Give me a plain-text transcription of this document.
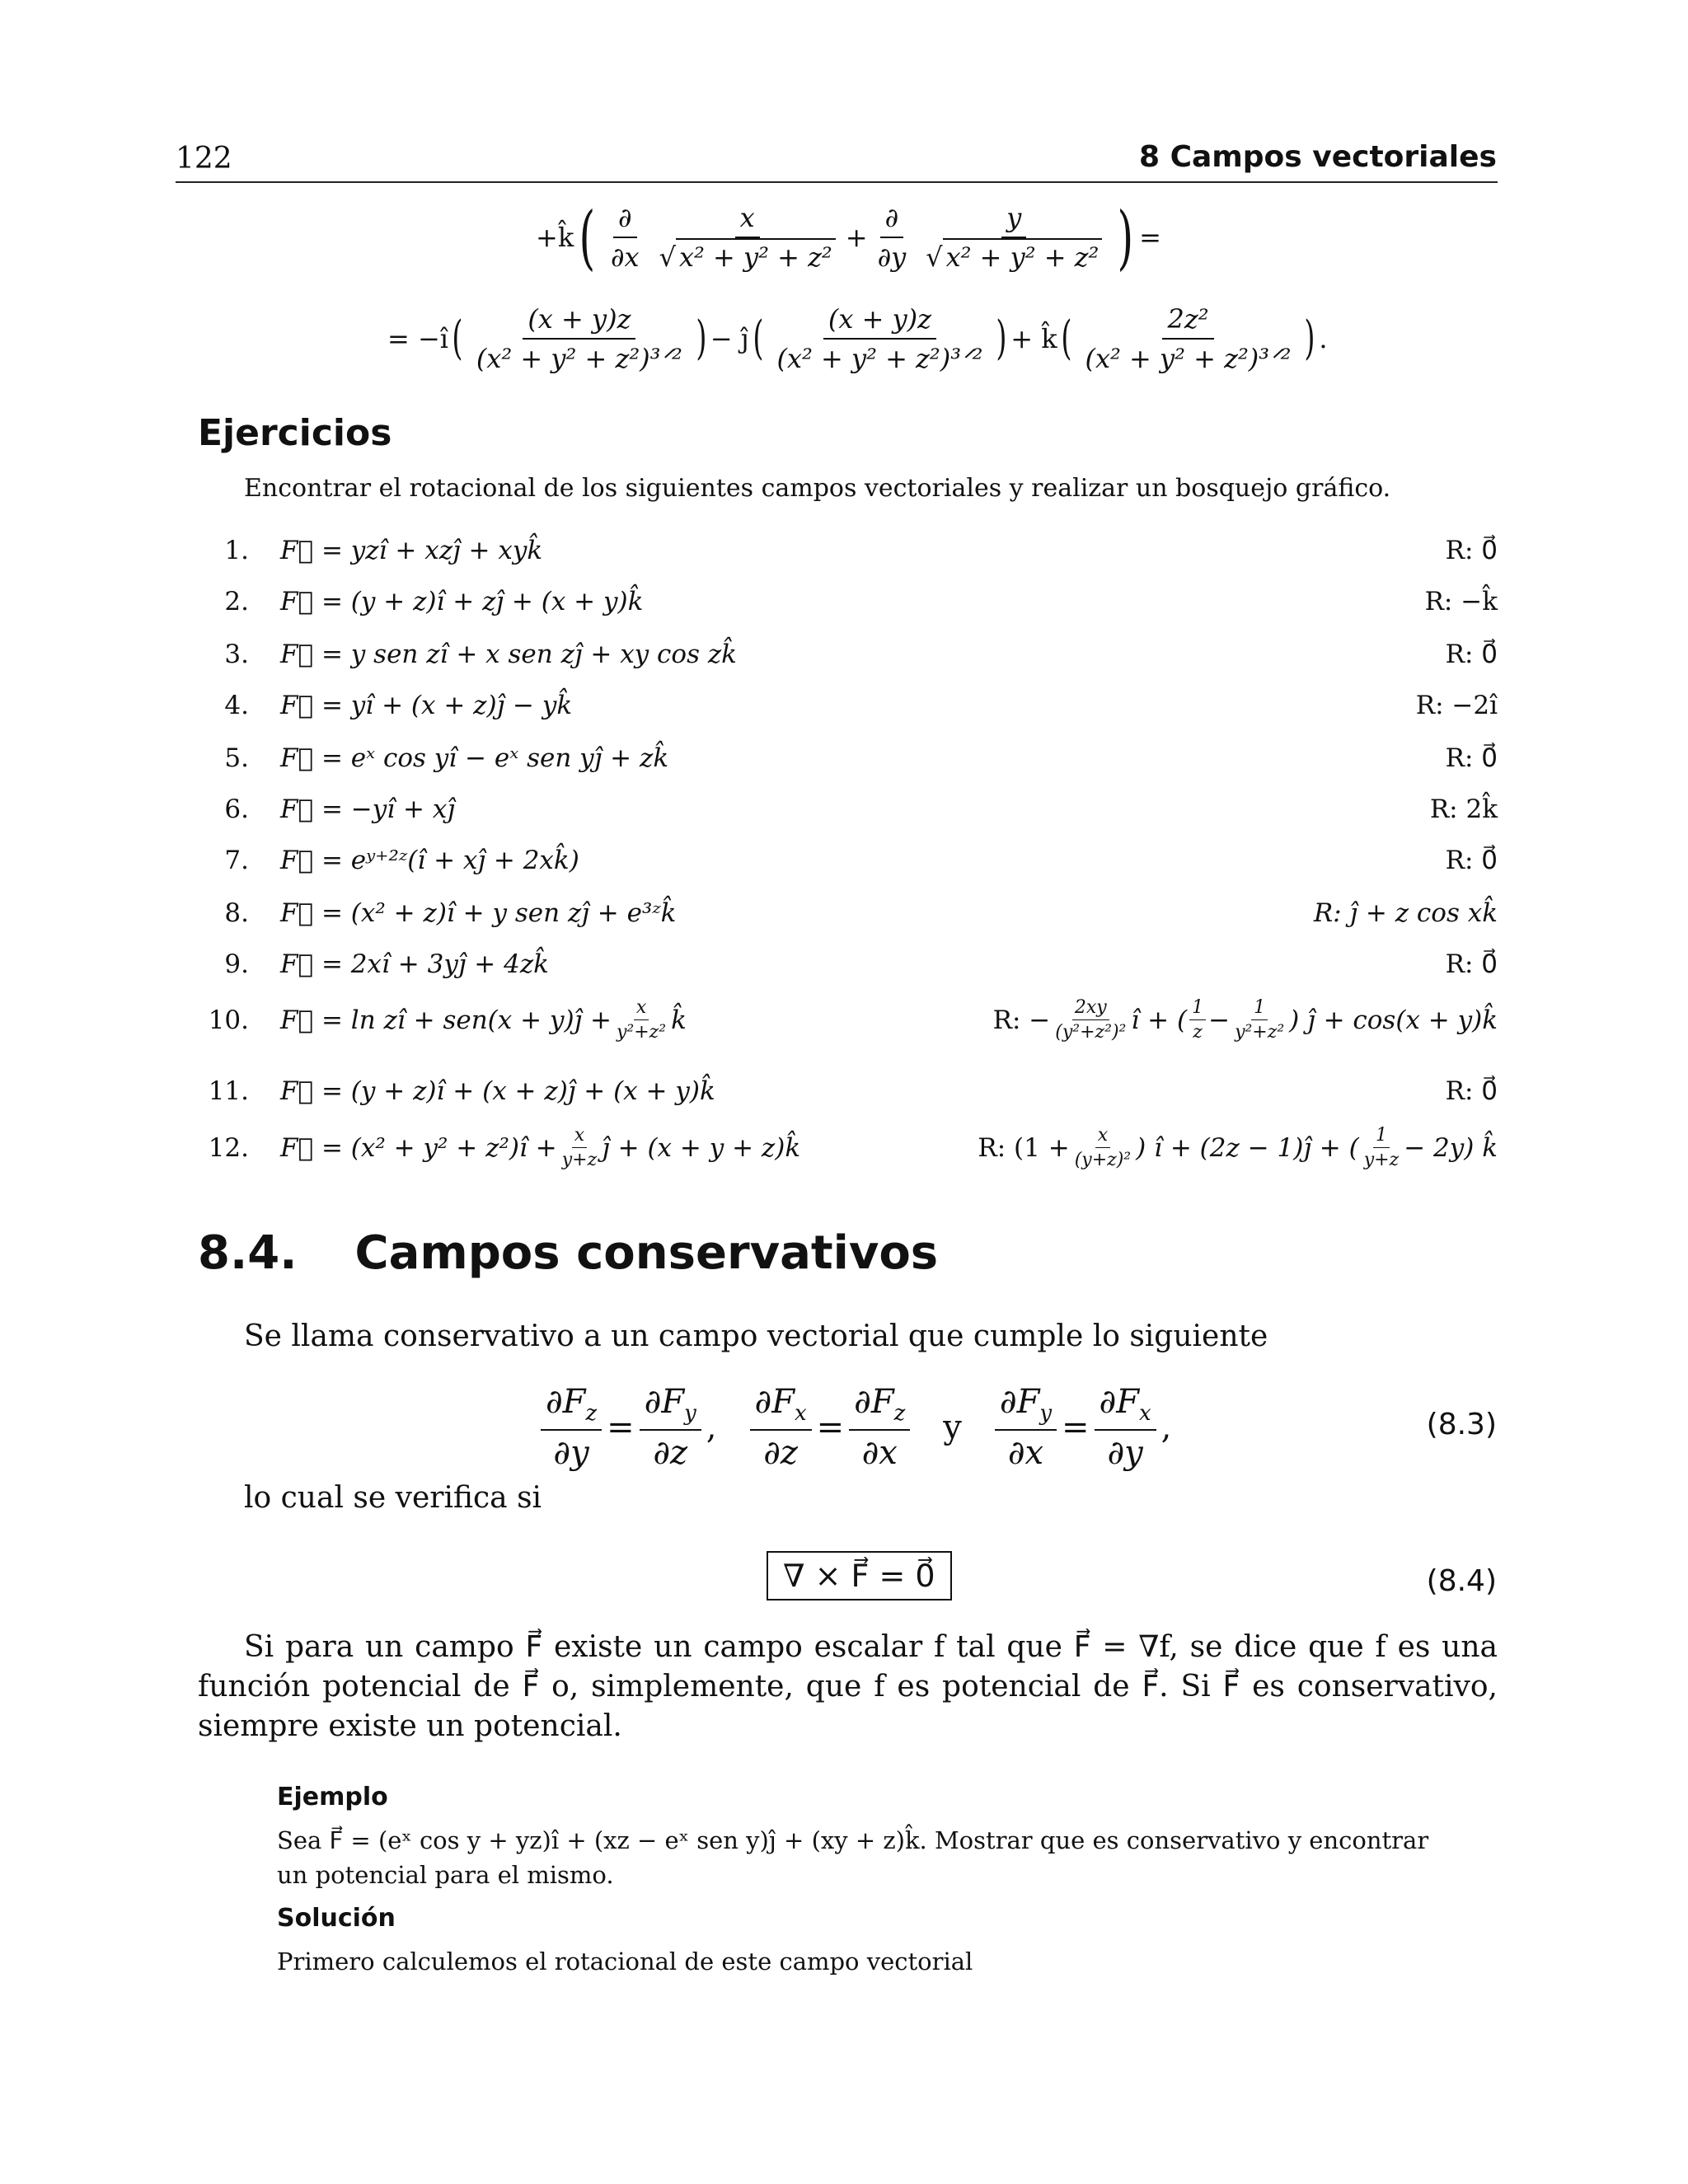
122	8 Campos vectoriales
+k̂ ( $\frac{\partial}{\partial x} \frac{x}{\text{√ x² + y² + z²}} + \frac{\partial}{\partial y} \frac{y}{\text{√ x² + y² + z²}}$ ) =
= −î ( $\frac{(x + y)z}{\text{(x² + y² + z²)³ᐟ²}}$ ) − ĵ ( $\frac{(x + y)z}{\text{(x² + y² + z²)³ᐟ²}}$ ) + k̂ ( $\frac{\text{2z²}}{\text{(x² + y² + z²)³ᐟ²}}$ ) .
Ejercicios
Encontrar el rotacional de los siguientes campos vectoriales y realizar un bosquejo gráfico.
1. F⃗ = yzî + xzĵ + xyk̂	R: 0⃗
2. F⃗ = (y + z)î + zĵ + (x + y)k̂	R: −k̂
3. F⃗ = y sen zî + x sen zĵ + xy cos zk̂	R: 0⃗
4. F⃗ = yî + (x + z)ĵ − yk̂	R: −2î
5. F⃗ = eˣ cos yî − eˣ sen yĵ + zk̂	R: 0⃗
6. F⃗ = −yî + xĵ	R: 2k̂
7. F⃗ = eʸ⁺²ᶻ(î + xĵ + 2xk̂)	R: 0⃗
8. F⃗ = (x² + z)î + y sen zĵ + e³ᶻk̂	R: ĵ + z cos xk̂
9. F⃗ = 2xî + 3yĵ + 4zk̂	R: 0⃗
10. F⃗ = ln zî + sen(x + y)ĵ + $\frac{x}{\text{y²+z²}}$ k̂	R: − $\frac{2xy}{\text{(y²+z²)²}}$ î + ( $\frac{1}{z} - \frac{1}{\text{y²+z²}}$ ) ĵ + cos(x + y)k̂
11. F⃗ = (y + z)î + (x + z)ĵ + (x + y)k̂	R: 0⃗
12. F⃗ = (x² + y² + z²)î + $\frac{x}{y+z}$ ĵ + (x + y + z)k̂	R: ($1 + \frac{x}{\text{(y+z)²}}$ ) î + (2z − 1)ĵ + ( $\frac{1}{y+z} - 2y$) k̂
8.4. Campos conservativos
Se llama conservativo a un campo vectorial que cumple lo siguiente
$\frac{\partial F_z}{\partial y} = \frac{\partial F_y}{\partial z}$ , $\frac{\partial F_x}{\partial z} = \frac{\partial F_z}{\partial x}$ y $\frac{\partial F_y}{\partial x} = \frac{\partial F_x}{\partial y}$ ,	(8.3)
lo cual se verifica si
∇ × F⃗ = 0⃗	(8.4)
Si para un campo F⃗ existe un campo escalar f tal que F⃗ = ∇f, se dice que f es una función potencial de F⃗ o, simplemente, que f es potencial de F⃗. Si F⃗ es conservativo, siempre existe un potencial.
Ejemplo
Sea F⃗ = (eˣ cos y + yz)î + (xz − eˣ sen y)ĵ + (xy + z)k̂. Mostrar que es conservativo y encontrar un potencial para el mismo.
Solución
Primero calculemos el rotacional de este campo vectorial
